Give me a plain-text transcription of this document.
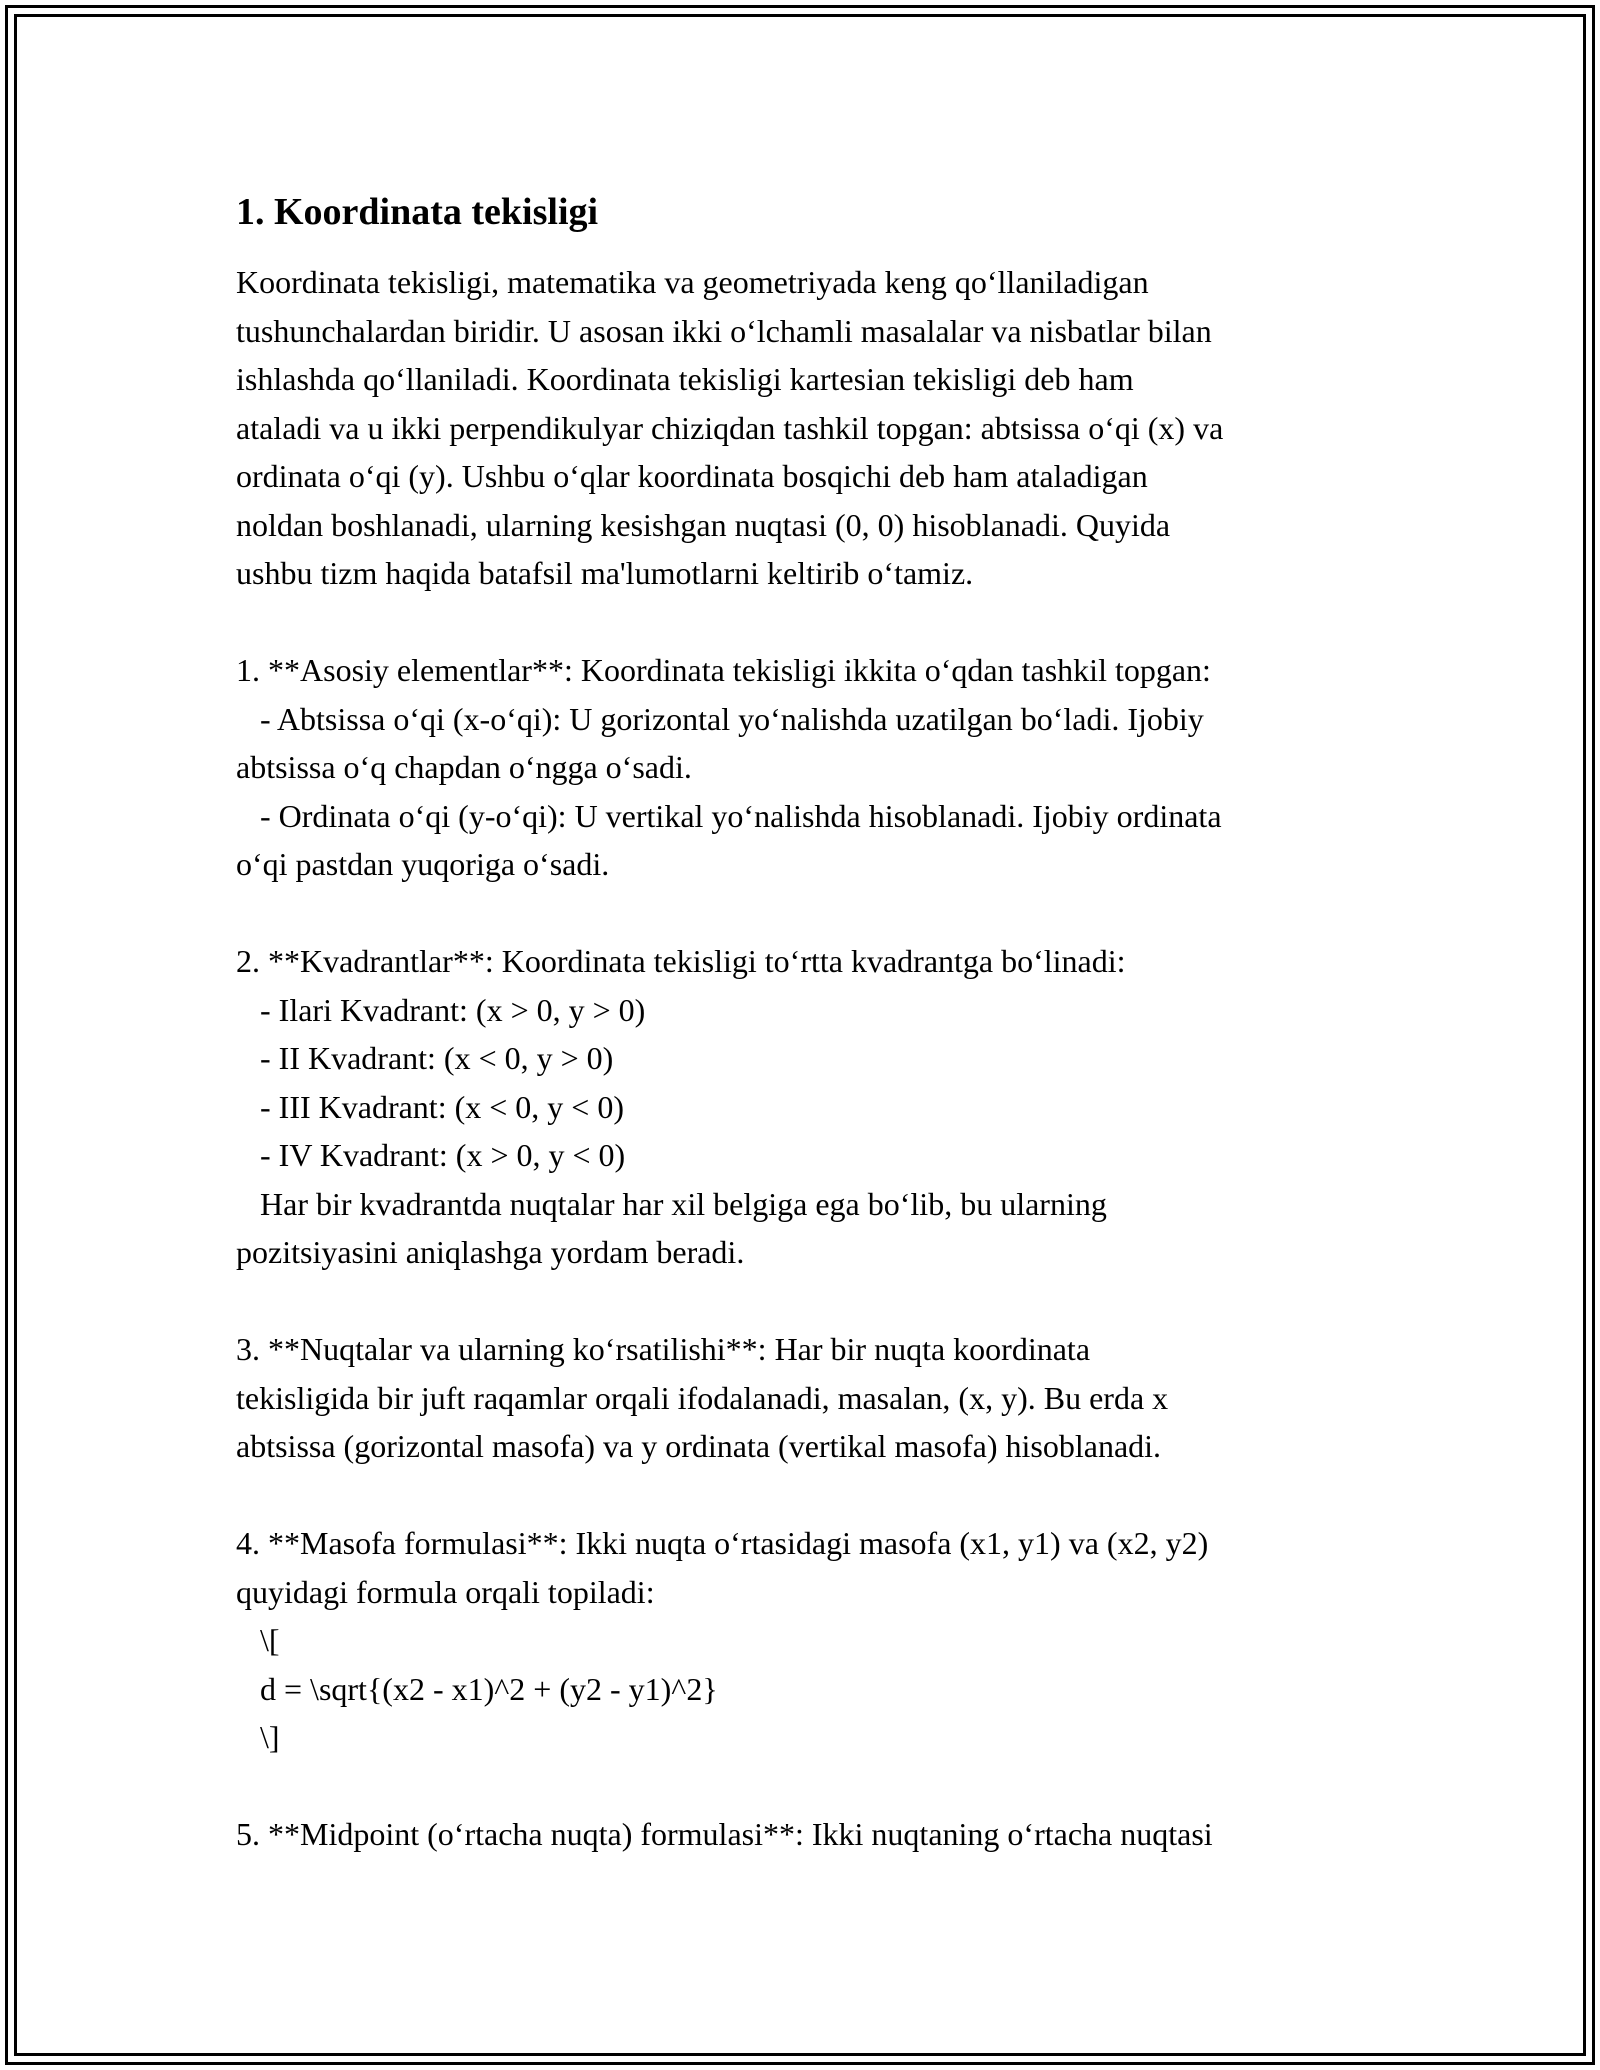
1. Koordinata tekisligi
Koordinata tekisligi, matematika va geometriyada keng qo‘llaniladigan
tushunchalardan biridir. U asosan ikki o‘lchamli masalalar va nisbatlar bilan
ishlashda qo‘llaniladi. Koordinata tekisligi kartesian tekisligi deb ham
ataladi va u ikki perpendikulyar chiziqdan tashkil topgan: abtsissa o‘qi (x) va
ordinata o‘qi (y). Ushbu o‘qlar koordinata bosqichi deb ham ataladigan
noldan boshlanadi, ularning kesishgan nuqtasi (0, 0) hisoblanadi. Quyida
ushbu tizm haqida batafsil ma'lumotlarni keltirib o‘tamiz.
1. **Asosiy elementlar**: Koordinata tekisligi ikkita o‘qdan tashkil topgan:
- Abtsissa o‘qi (x-o‘qi): U gorizontal yo‘nalishda uzatilgan bo‘ladi. Ijobiy
abtsissa o‘q chapdan o‘ngga o‘sadi.
- Ordinata o‘qi (y-o‘qi): U vertikal yo‘nalishda hisoblanadi. Ijobiy ordinata
o‘qi pastdan yuqoriga o‘sadi.
2. **Kvadrantlar**: Koordinata tekisligi to‘rtta kvadrantga bo‘linadi:
- Ilari Kvadrant: (x > 0, y > 0)
- II Kvadrant: (x < 0, y > 0)
- III Kvadrant: (x < 0, y < 0)
- IV Kvadrant: (x > 0, y < 0)
Har bir kvadrantda nuqtalar har xil belgiga ega bo‘lib, bu ularning
pozitsiyasini aniqlashga yordam beradi.
3. **Nuqtalar va ularning ko‘rsatilishi**: Har bir nuqta koordinata
tekisligida bir juft raqamlar orqali ifodalanadi, masalan, (x, y). Bu erda x
abtsissa (gorizontal masofa) va y ordinata (vertikal masofa) hisoblanadi.
4. **Masofa formulasi**: Ikki nuqta o‘rtasidagi masofa (x1, y1) va (x2, y2)
quyidagi formula orqali topiladi:
\[
d = \sqrt{(x2 - x1)^2 + (y2 - y1)^2}
\]
5. **Midpoint (o‘rtacha nuqta) formulasi**: Ikki nuqtaning o‘rtacha nuqtasi
